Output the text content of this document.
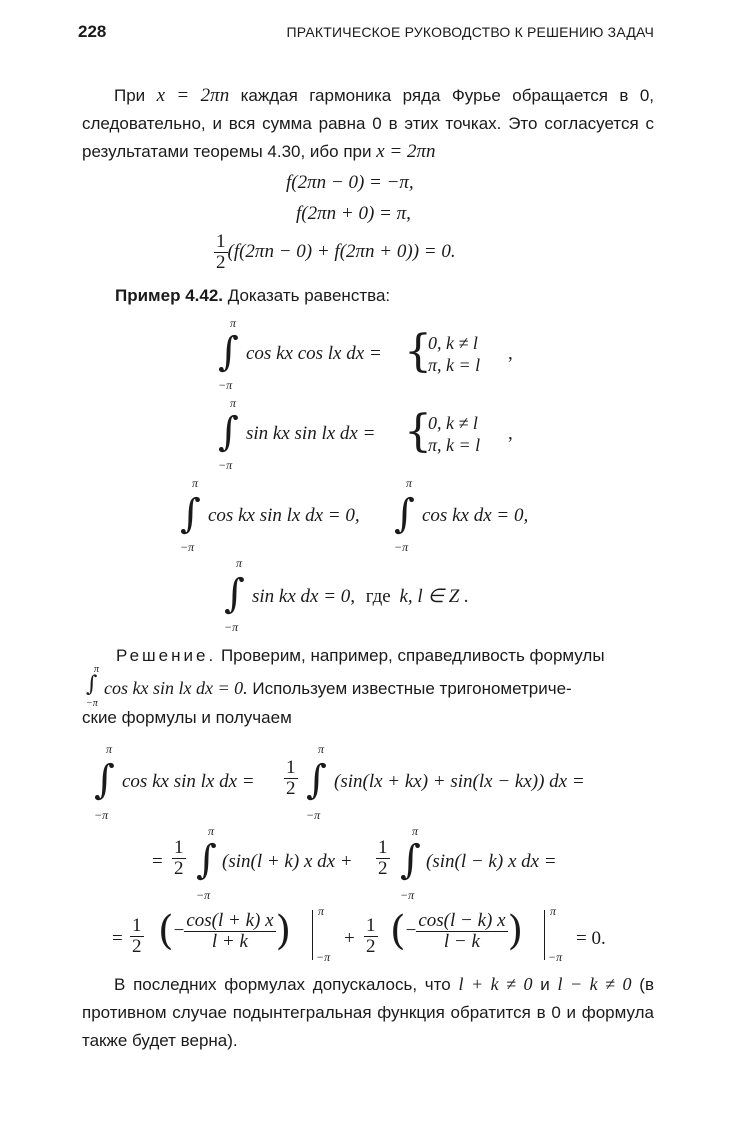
228	ПРАКТИЧЕСКОЕ РУКОВОДСТВО К РЕШЕНИЮ ЗАДАЧ
При x = 2πn каждая гармоника ряда Фурье обращается в 0, следовательно, и вся сумма равна 0 в этих точках. Это согласуется с результатами теоремы 4.30, ибо при x = 2πn
f(2πn − 0) = −π,
f(2πn + 0) = π,
$\frac{1}{2} (f(2\pi n - 0) + f(2\pi n + 0)) = 0$.
Пример 4.42. Доказать равенства:
π
∫
−π
cos kx cos lx dx = {
0, k ≠ l
π, k = l
,
π
∫
−π
sin kx sin lx dx = {
0, k ≠ l
π, k = l
,
π
∫
−π
cos kx sin lx dx = 0,
π
∫
−π
cos kx dx = 0,
π
∫
−π
sin kx dx = 0, где k, l ∈ Z .
Решение. Проверим, например, справедливость формулы
π
∫
−π
cos kx sin lx dx = 0. Используем известные тригонометриче-
ские формулы и получаем
π
∫
−π
cos kx sin lx dx = $\frac{1}{2}$
π
∫
−π
(sin(lx + kx) + sin(lx − kx)) dx =
= $\frac{1}{2}$
π
∫
−π
(sin(l + k) x dx + $\frac{1}{2}$
π
∫
−π
(sin(l − k) x dx =
= $\frac{1}{2}$ (− $\frac{\cos(l + k) x}{l + k}$ ) π
−π
+ $\frac{1}{2}$ (− $\frac{\cos(l - k) x}{l - k}$ ) π
−π
= 0.
В последних формулах допускалось, что l + k ≠ 0 и l − k ≠ 0 (в противном случае подынтегральная функция обратится в 0 и формула также будет верна).
